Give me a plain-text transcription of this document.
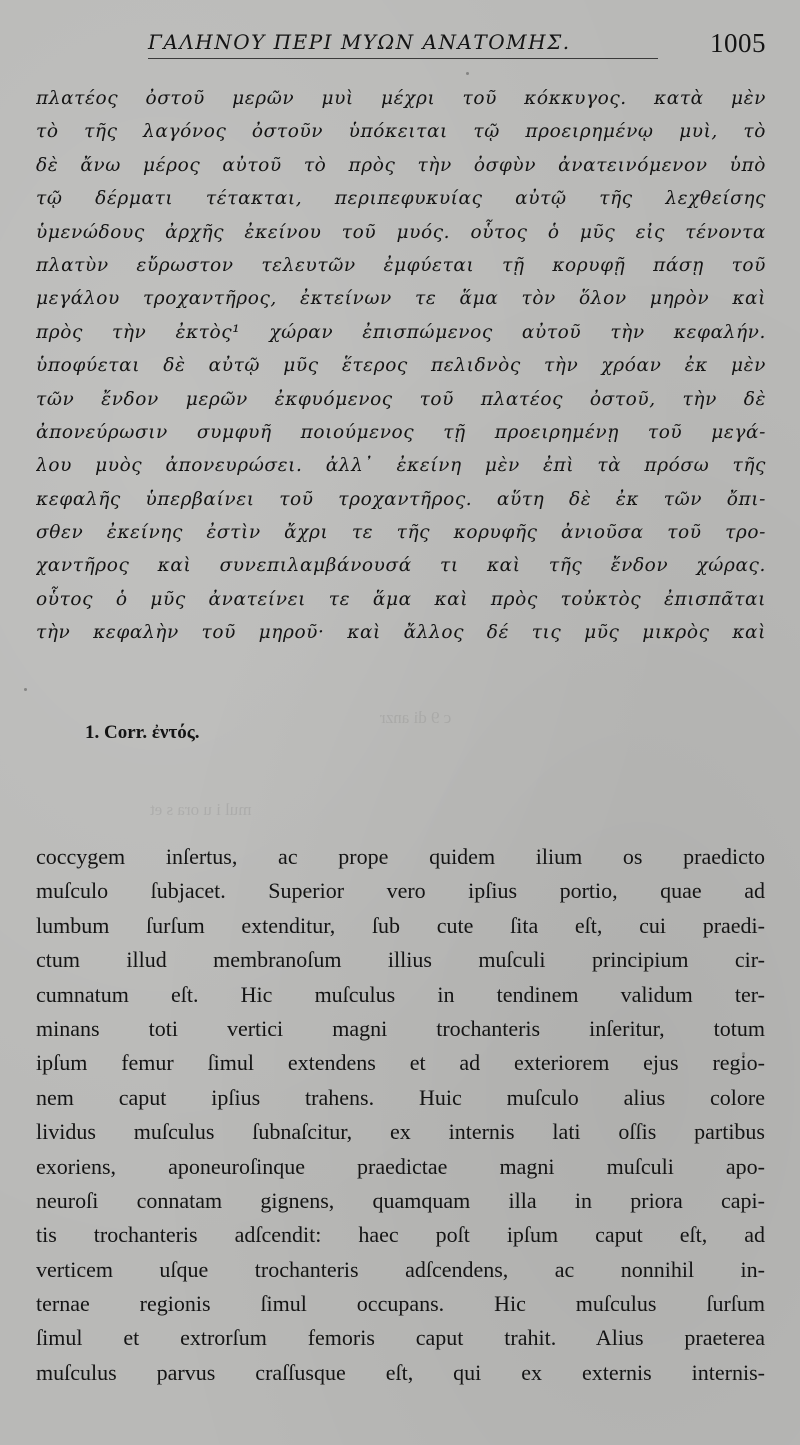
ΓΑΛΗΝΟΥ ΠΕΡΙ ΜΥΩΝ ΑΝΑΤΟΜΗΣ.	1005
πλατέος ὀστοῦ μερῶν μυὶ μέχρι τοῦ κόκκυγος. κατὰ μὲν
τὸ τῆς λαγόνος ὀστοῦν ὑπόκειται τῷ προειρημένῳ μυὶ, τὸ
δὲ ἄνω μέρος αὐτοῦ τὸ πρὸς τὴν ὀσφὺν ἀνατεινόμενον ὑπὸ
τῷ δέρματι τέτακται, περιπεφυκυίας αὐτῷ τῆς λεχθείσης
ὑμενώδους ἀρχῆς ἐκείνου τοῦ μυός. οὗτος ὁ μῦς εἰς τένοντα
πλατὺν εὔρωστον τελευτῶν ἐμφύεται τῇ κορυφῇ πάσῃ τοῦ
μεγάλου τροχαντῆρος, ἐκτείνων τε ἅμα τὸν ὅλον μηρὸν καὶ
πρὸς τὴν ἐκτὸς¹ χώραν ἐπισπώμενος αὐτοῦ τὴν κεφαλήν.
ὑποφύεται δὲ αὐτῷ μῦς ἕτερος πελιδνὸς τὴν χρόαν ἐκ μὲν
τῶν ἔνδον μερῶν ἐκφυόμενος τοῦ πλατέος ὀστοῦ, τὴν δὲ
ἀπονεύρωσιν συμφυῆ ποιούμενος τῇ προειρημένῃ τοῦ μεγά-
λου μυὸς ἀπονευρώσει. ἀλλ᾽ ἐκείνη μὲν ἐπὶ τὰ πρόσω τῆς
κεφαλῆς ὑπερβαίνει τοῦ τροχαντῆρος. αὕτη δὲ ἐκ τῶν ὄπι-
σθεν ἐκείνης ἐστὶν ἄχρι τε τῆς κορυφῆς ἀνιοῦσα τοῦ τρο-
χαντῆρος καὶ συνεπιλαμβάνουσά τι καὶ τῆς ἔνδον χώρας.
οὗτος ὁ μῦς ἀνατείνει τε ἅμα καὶ πρὸς τοὐκτὸς ἐπισπᾶται
τὴν κεφαλὴν τοῦ μηροῦ· καὶ ἄλλος δέ τις μῦς μικρὸς καὶ
1. Corr. ἐντός.
c 9 di anzr
mul i u ora s et
coccygem inſertus, ac prope quidem ilium os praedicto
muſculo ſubjacet. Superior vero ipſius portio, quae ad
lumbum ſurſum extenditur, ſub cute ſita eſt, cui praedi-
ctum illud membranoſum illius muſculi principium cir-
cumnatum eſt. Hic muſculus in tendinem validum ter-
minans toti vertici magni trochanteris inſeritur, totum
ipſum femur ſimul extendens et ad exteriorem ejus regio-
nem caput ipſius trahens. Huic muſculo alius colore
lividus muſculus ſubnaſcitur, ex internis lati oſſis partibus
exoriens, aponeuroſinque praedictae magni muſculi apo-
neuroſi connatam gignens, quamquam illa in priora capi-
tis trochanteris adſcendit: haec poſt ipſum caput eſt, ad
verticem uſque trochanteris adſcendens, ac nonnihil in-
ternae regionis ſimul occupans. Hic muſculus ſurſum
ſimul et extrorſum femoris caput trahit. Alius praeterea
muſculus parvus craſſusque eſt, qui ex externis internis-
